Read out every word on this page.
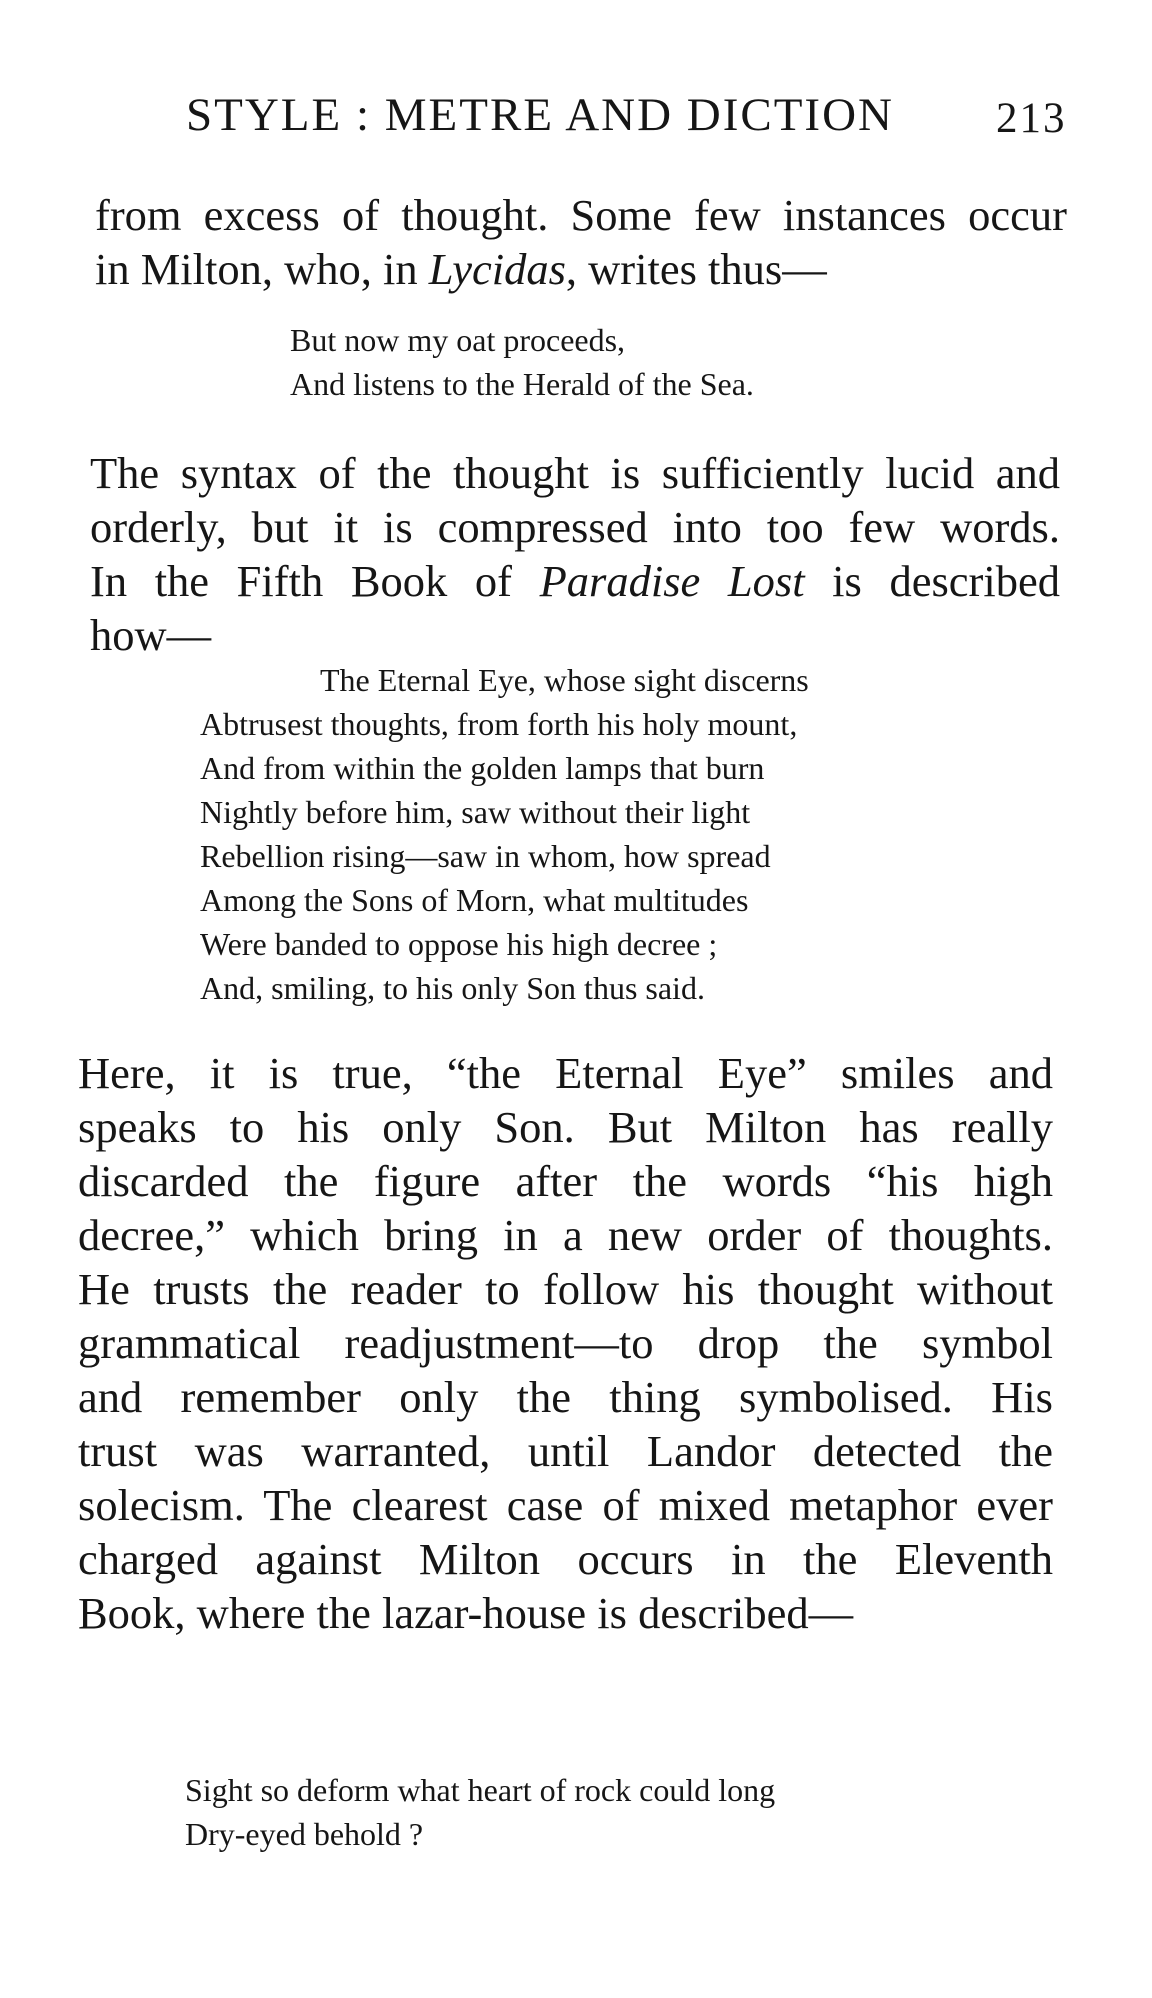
STYLE : METRE AND DICTION 213
from excess of thought. Some few instances occur
in Milton, who, in Lycidas, writes thus—
But now my oat proceeds,
And listens to the Herald of the Sea.
The syntax of the thought is sufficiently lucid and
orderly, but it is compressed into too few words.
In the Fifth Book of Paradise Lost is described
how—
The Eternal Eye, whose sight discerns
Abtrusest thoughts, from forth his holy mount,
And from within the golden lamps that burn
Nightly before him, saw without their light
Rebellion rising—saw in whom, how spread
Among the Sons of Morn, what multitudes
Were banded to oppose his high decree ;
And, smiling, to his only Son thus said.
Here, it is true, “the Eternal Eye” smiles and
speaks to his only Son. But Milton has really
discarded the figure after the words “his high
decree,” which bring in a new order of thoughts.
He trusts the reader to follow his thought without
grammatical readjustment—to drop the symbol
and remember only the thing symbolised. His
trust was warranted, until Landor detected the
solecism. The clearest case of mixed metaphor ever
charged against Milton occurs in the Eleventh
Book, where the lazar-house is described—
Sight so deform what heart of rock could long
Dry-eyed behold ?
